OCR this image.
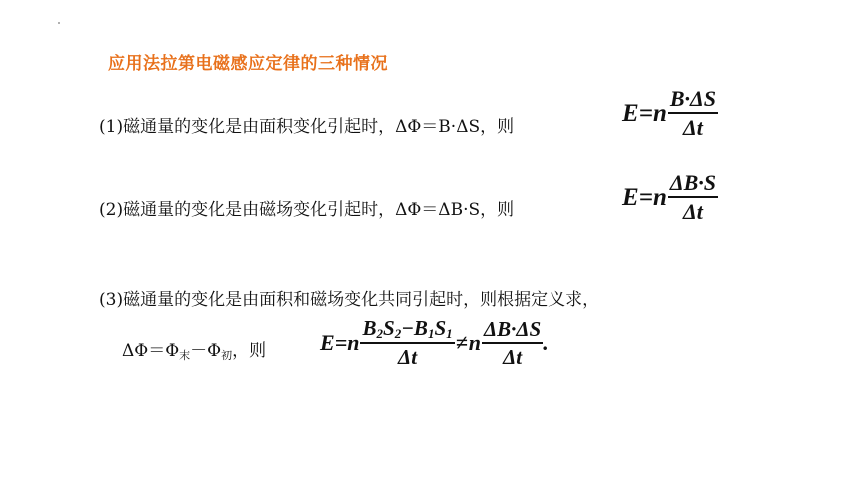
应用法拉第电磁感应定律的三种情况
(1)磁通量的变化是由面积变化引起时，ΔΦ＝B·ΔS，则
E = n $\frac{B\cdot\Delta S}{\Delta t}$
(2)磁通量的变化是由磁场变化引起时，ΔΦ＝ΔB·S，则	E = n $\frac{\Delta B\cdot S}{\Delta t}$
(3)磁通量的变化是由面积和磁场变化共同引起时，则根据定义求，
$\Delta\Phi=\Phi_末-\Phi_初$，则 E = n $\frac{B_2S_2-B_1S_1}{\Delta t} \ne n \frac{\Delta B\cdot\Delta S}{\Delta t}$ .
